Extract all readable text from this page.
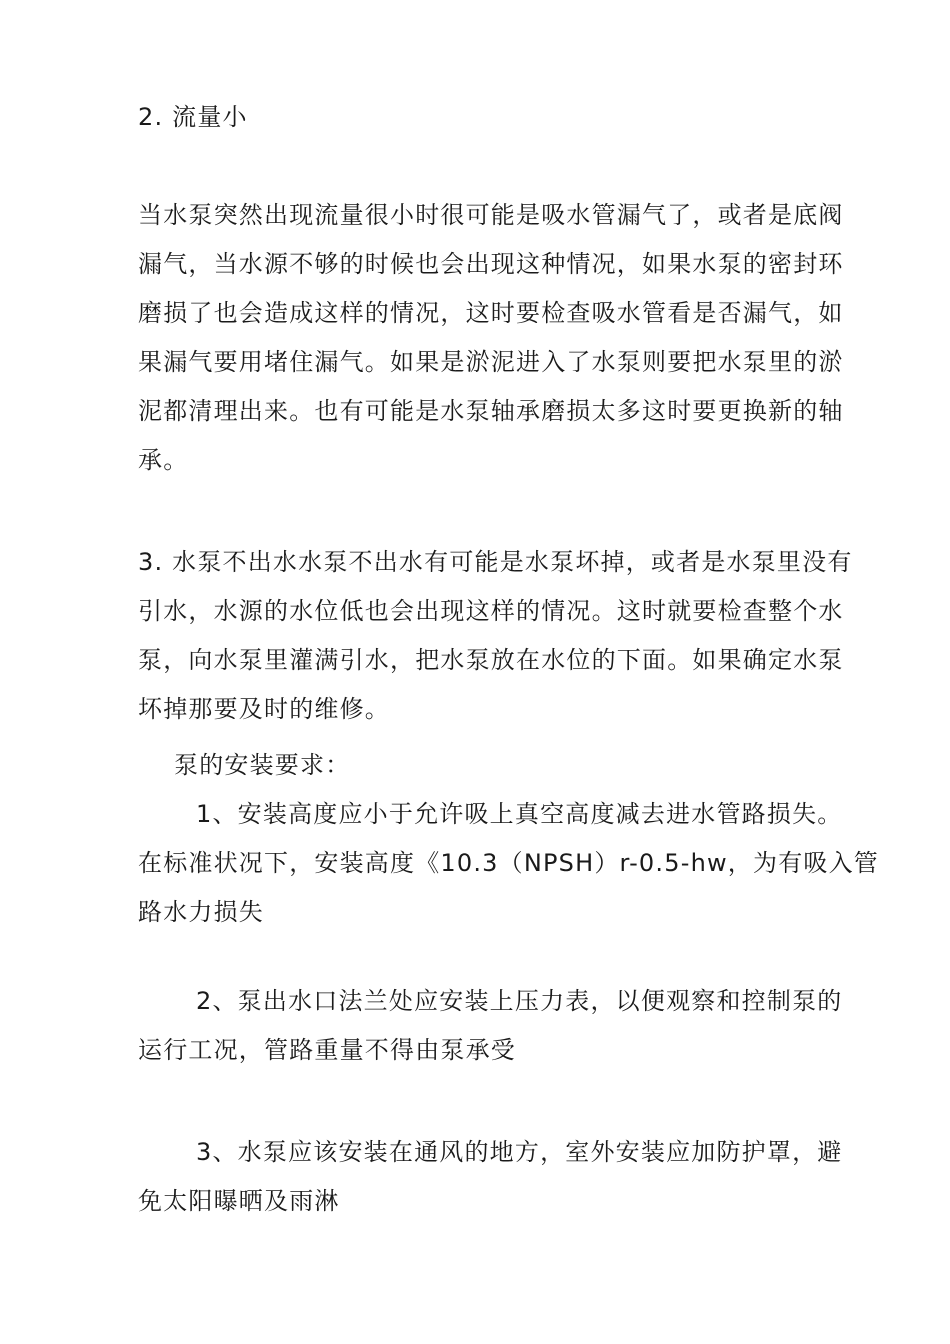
2. 流量小
当水泵突然出现流量很小时很可能是吸水管漏气了，或者是底阀
漏气，当水源不够的时候也会出现这种情况，如果水泵的密封环
磨损了也会造成这样的情况，这时要检查吸水管看是否漏气，如
果漏气要用堵住漏气。如果是淤泥进入了水泵则要把水泵里的淤
泥都清理出来。也有可能是水泵轴承磨损太多这时要更换新的轴
承。
3. 水泵不出水水泵不出水有可能是水泵坏掉，或者是水泵里没有
引水，水源的水位低也会出现这样的情况。这时就要检查整个水
泵，向水泵里灌满引水，把水泵放在水位的下面。如果确定水泵
坏掉那要及时的维修。
泵的安装要求：
1、安装高度应小于允许吸上真空高度减去进水管路损失。
在标准状况下，安装高度《10.3（NPSH）r-0.5-hw，为有吸入管
路水力损失
2、泵出水口法兰处应安装上压力表，以便观察和控制泵的
运行工况，管路重量不得由泵承受
3、水泵应该安装在通风的地方，室外安装应加防护罩，避
免太阳曝晒及雨淋
